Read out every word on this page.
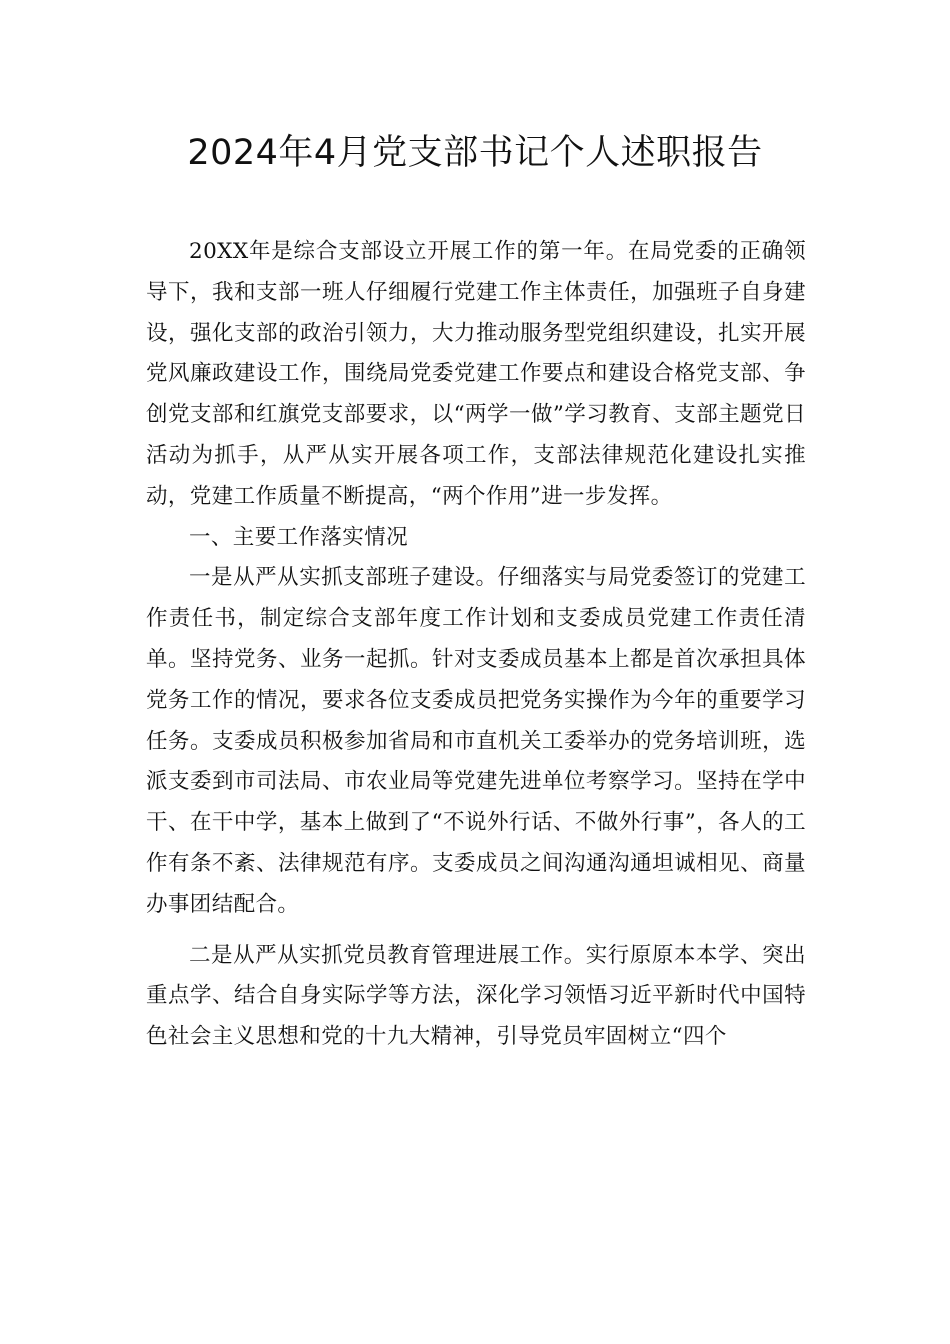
2024年4月党支部书记个人述职报告

20XX年是综合支部设立开展工作的第一年。在局党委的正确领导下，我和支部一班人仔细履行党建工作主体责任，加强班子自身建设，强化支部的政治引领力，大力推动服务型党组织建设，扎实开展党风廉政建设工作，围绕局党委党建工作要点和建设合格党支部、争创党支部和红旗党支部要求，以“两学一做”学习教育、支部主题党日活动为抓手，从严从实开展各项工作，支部法律规范化建设扎实推动，党建工作质量不断提高，“两个作用”进一步发挥。

一、主要工作落实情况

一是从严从实抓支部班子建设。仔细落实与局党委签订的党建工作责任书，制定综合支部年度工作计划和支委成员党建工作责任清单。坚持党务、业务一起抓。针对支委成员基本上都是首次承担具体党务工作的情况，要求各位支委成员把党务实操作为今年的重要学习任务。支委成员积极参加省局和市直机关工委举办的党务培训班，选派支委到市司法局、市农业局等党建先进单位考察学习。坚持在学中干、在干中学，基本上做到了“不说外行话、不做外行事”，各人的工作有条不紊、法律规范有序。支委成员之间沟通沟通坦诚相见、商量办事团结配合。

二是从严从实抓党员教育管理进展工作。实行原原本本学、突出重点学、结合自身实际学等方法，深化学习领悟习近平新时代中国特色社会主义思想和党的十九大精神，引导党员牢固树立“四个
